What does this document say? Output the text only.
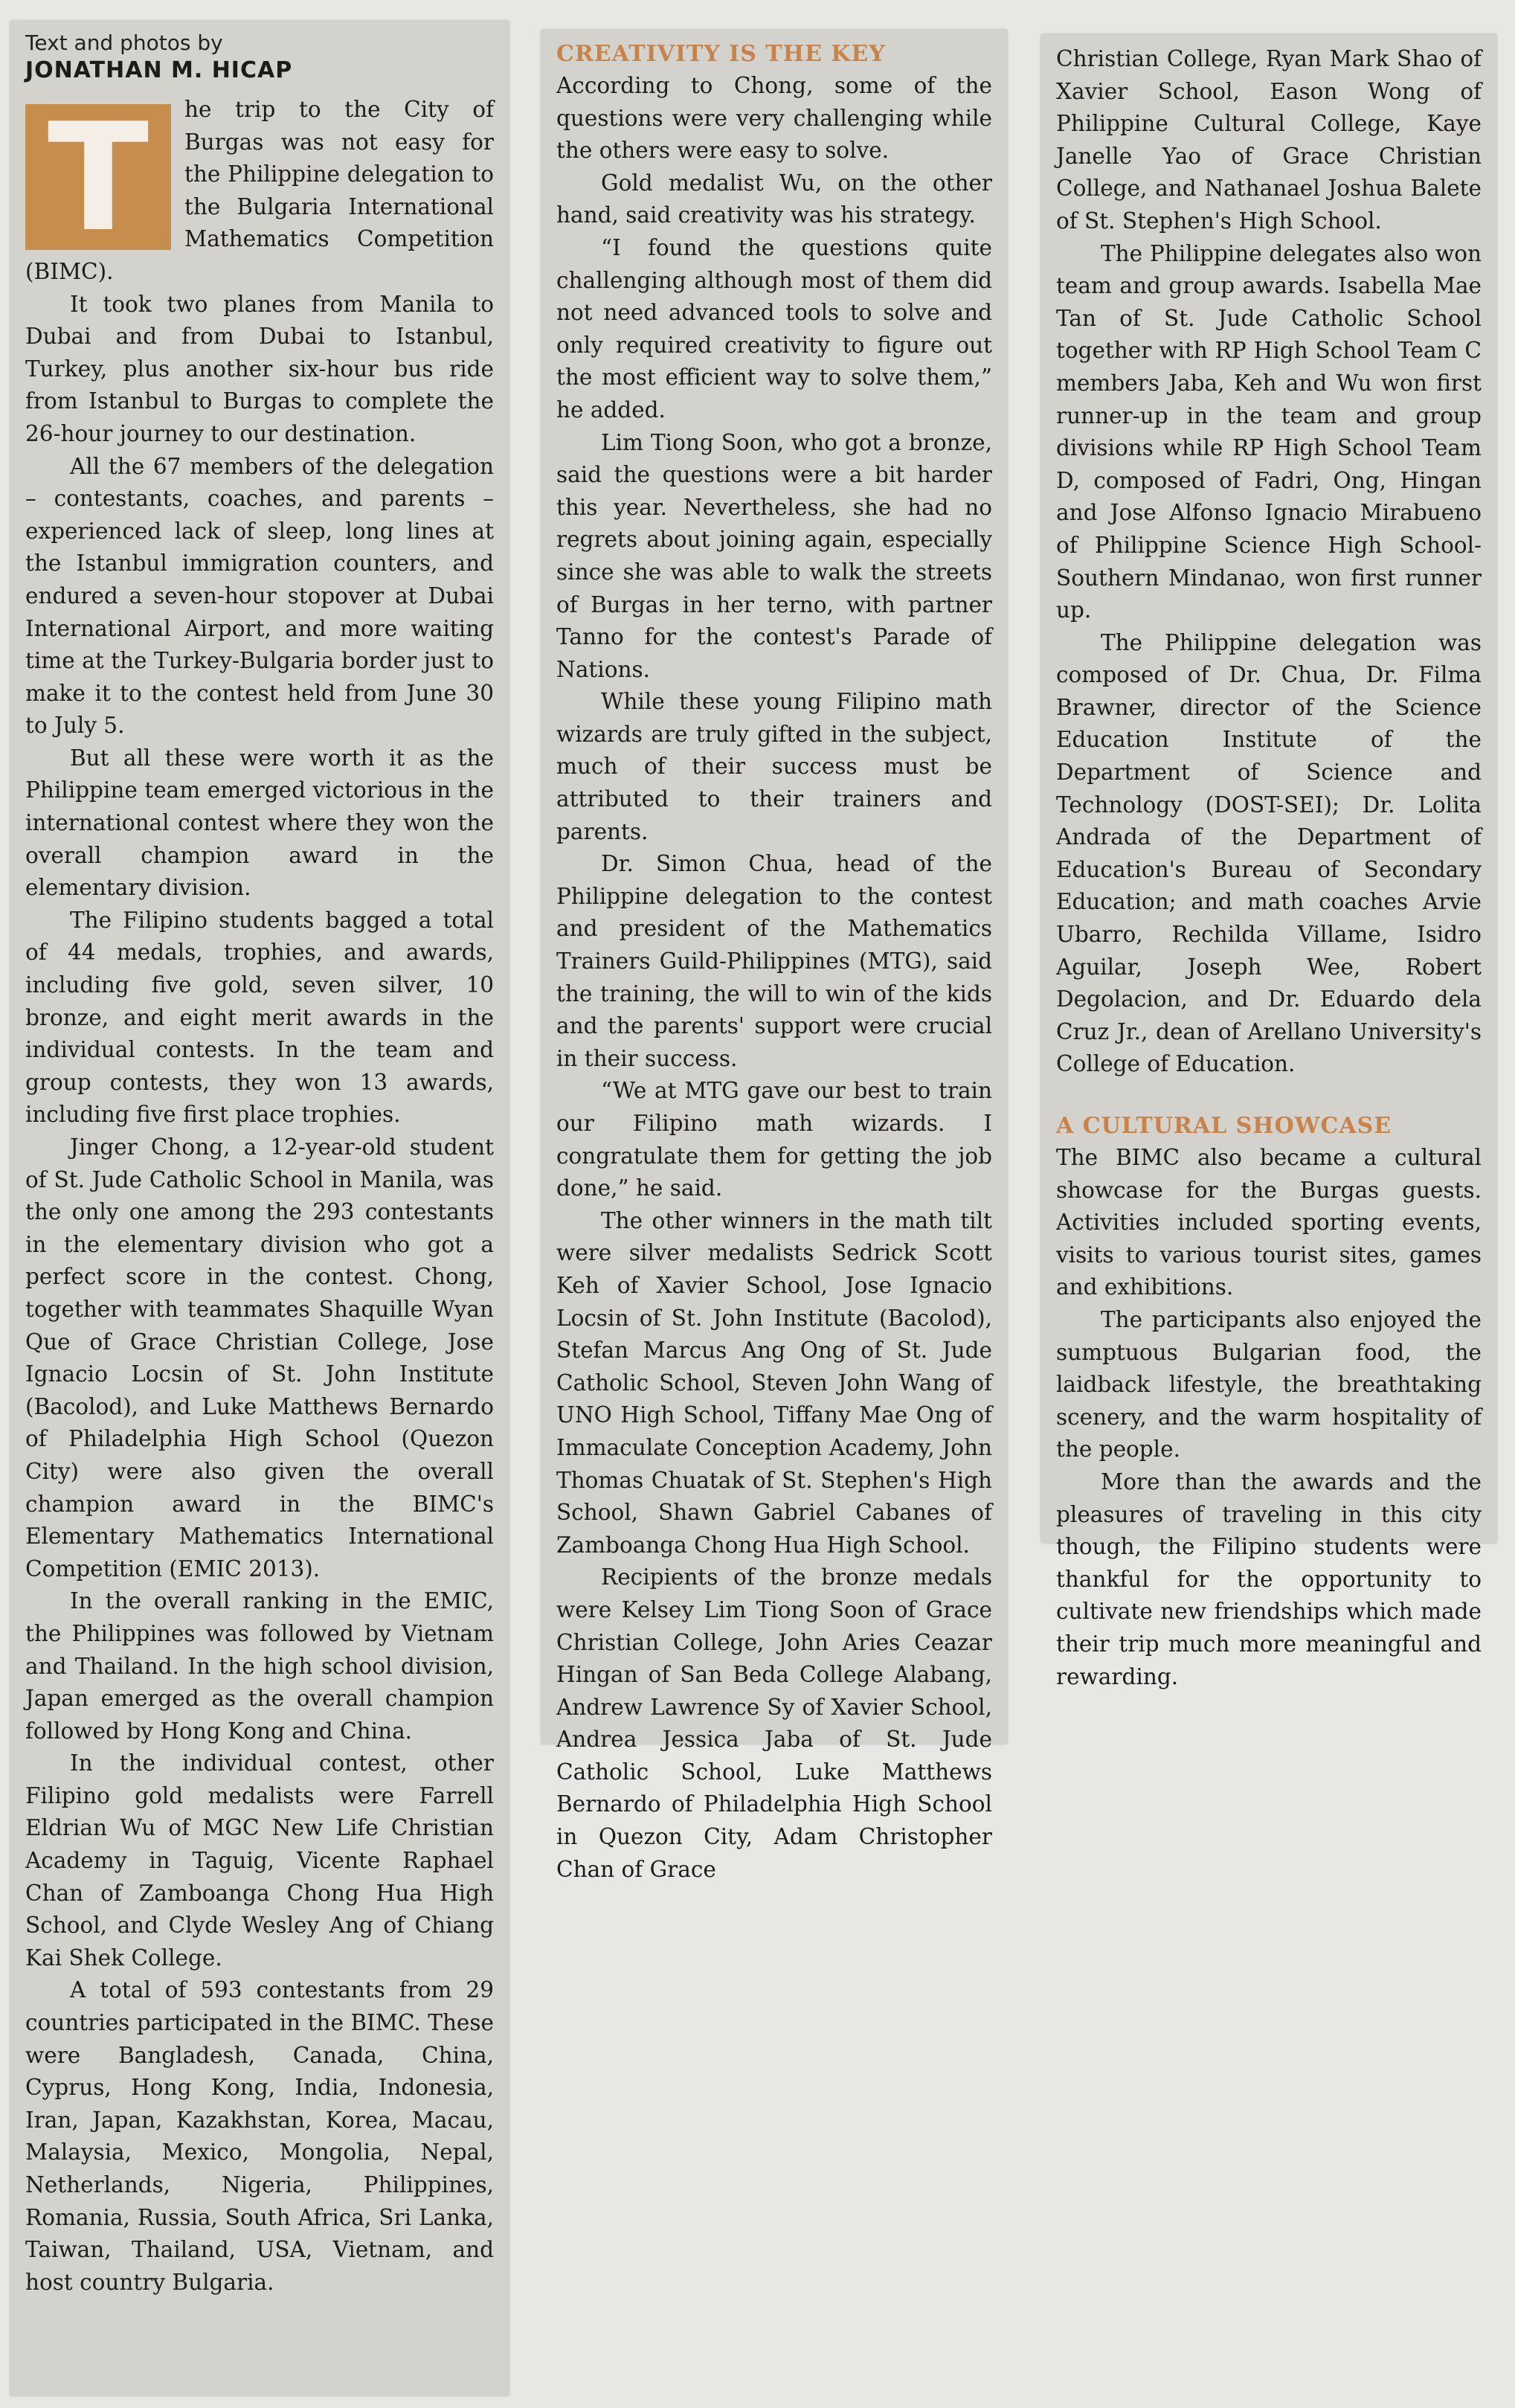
Text and photos by
JONATHAN M. HICAP
T	he trip to the City of Burgas was not easy for the Philippine delegation to the Bulgaria International Mathematics Competition (BIMC).

It took two planes from Manila to Dubai and from Dubai to Istanbul, Turkey, plus another six-hour bus ride from Istanbul to Burgas to complete the 26-hour journey to our destination.

All the 67 members of the delegation – contestants, coaches, and parents – experienced lack of sleep, long lines at the Istanbul immigration counters, and endured a seven-hour stopover at Dubai International Airport, and more waiting time at the Turkey-Bulgaria border just to make it to the contest held from June 30 to July 5.

But all these were worth it as the Philippine team emerged victorious in the international contest where they won the overall champion award in the elementary division.

The Filipino students bagged a total of 44 medals, trophies, and awards, including five gold, seven silver, 10 bronze, and eight merit awards in the individual contests. In the team and group contests, they won 13 awards, including five first place trophies.

Jinger Chong, a 12-year-old student of St. Jude Catholic School in Manila, was the only one among the 293 contestants in the elementary division who got a perfect score in the contest. Chong, together with teammates Shaquille Wyan Que of Grace Christian College, Jose Ignacio Locsin of St. John Institute (Bacolod), and Luke Matthews Bernardo of Philadelphia High School (Quezon City) were also given the overall champion award in the BIMC's Elementary Mathematics International Competition (EMIC 2013).

In the overall ranking in the EMIC, the Philippines was followed by Vietnam and Thailand. In the high school division, Japan emerged as the overall champion followed by Hong Kong and China.

In the individual contest, other Filipino gold medalists were Farrell Eldrian Wu of MGC New Life Christian Academy in Taguig, Vicente Raphael Chan of Zamboanga Chong Hua High School, and Clyde Wesley Ang of Chiang Kai Shek College.

A total of 593 contestants from 29 countries participated in the BIMC. These were Bangladesh, Canada, China, Cyprus, Hong Kong, India, Indonesia, Iran, Japan, Kazakhstan, Korea, Macau, Malaysia, Mexico, Mongolia, Nepal, Netherlands, Nigeria, Philippines, Romania, Russia, South Africa, Sri Lanka, Taiwan, Thailand, USA, Vietnam, and host country Bulgaria.

CREATIVITY IS THE KEY

According to Chong, some of the questions were very challenging while the others were easy to solve.

Gold medalist Wu, on the other hand, said creativity was his strategy.

“I found the questions quite challenging although most of them did not need advanced tools to solve and only required creativity to figure out the most efficient way to solve them,” he added.

Lim Tiong Soon, who got a bronze, said the questions were a bit harder this year. Nevertheless, she had no regrets about joining again, especially since she was able to walk the streets of Burgas in her terno, with partner Tanno for the contest's Parade of Nations.

While these young Filipino math wizards are truly gifted in the subject, much of their success must be attributed to their trainers and parents.

Dr. Simon Chua, head of the Philippine delegation to the contest and president of the Mathematics Trainers Guild-Philippines (MTG), said the training, the will to win of the kids and the parents' support were crucial in their success.

“We at MTG gave our best to train our Filipino math wizards. I congratulate them for getting the job done,” he said.

The other winners in the math tilt were silver medalists Sedrick Scott Keh of Xavier School, Jose Ignacio Locsin of St. John Institute (Bacolod), Stefan Marcus Ang Ong of St. Jude Catholic School, Steven John Wang of UNO High School, Tiffany Mae Ong of Immaculate Conception Academy, John Thomas Chuatak of St. Stephen's High School, Shawn Gabriel Cabanes of Zamboanga Chong Hua High School.

Recipients of the bronze medals were Kelsey Lim Tiong Soon of Grace Christian College, John Aries Ceazar Hingan of San Beda College Alabang, Andrew Lawrence Sy of Xavier School, Andrea Jessica Jaba of St. Jude Catholic School, Luke Matthews Bernardo of Philadelphia High School in Quezon City, Adam Christopher Chan of Grace

Christian College, Ryan Mark Shao of Xavier School, Eason Wong of Philippine Cultural College, Kaye Janelle Yao of Grace Christian College, and Nathanael Joshua Balete of St. Stephen's High School.

The Philippine delegates also won team and group awards. Isabella Mae Tan of St. Jude Catholic School together with RP High School Team C members Jaba, Keh and Wu won first runner-up in the team and group divisions while RP High School Team D, composed of Fadri, Ong, Hingan and Jose Alfonso Ignacio Mirabueno of Philippine Science High School-Southern Mindanao, won first runner up.

The Philippine delegation was composed of Dr. Chua, Dr. Filma Brawner, director of the Science Education Institute of the Department of Science and Technology (DOST-SEI); Dr. Lolita Andrada of the Department of Education's Bureau of Secondary Education; and math coaches Arvie Ubarro, Rechilda Villame, Isidro Aguilar, Joseph Wee, Robert Degolacion, and Dr. Eduardo dela Cruz Jr., dean of Arellano University's College of Education.

A CULTURAL SHOWCASE

The BIMC also became a cultural showcase for the Burgas guests. Activities included sporting events, visits to various tourist sites, games and exhibitions.

The participants also enjoyed the sumptuous Bulgarian food, the laidback lifestyle, the breathtaking scenery, and the warm hospitality of the people.

More than the awards and the pleasures of traveling in this city though, the Filipino students were thankful for the opportunity to cultivate new friendships which made their trip much more meaningful and rewarding.
